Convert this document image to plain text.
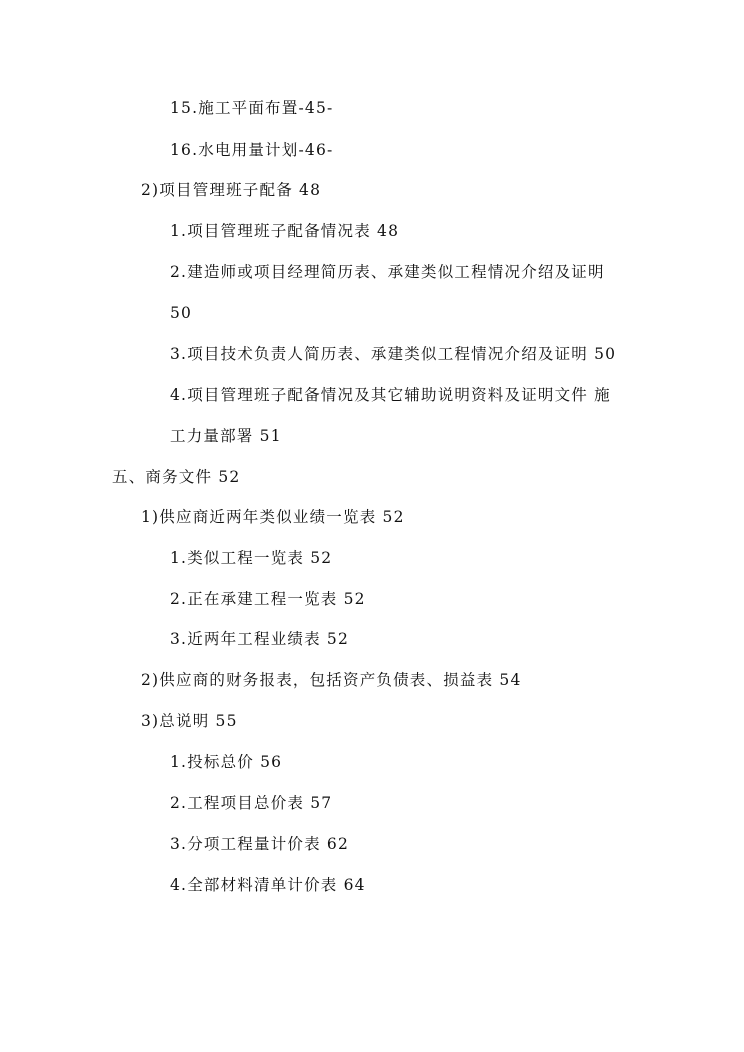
15.施工平面布置-45-
16.水电用量计划-46-
2)项目管理班子配备 48
1.项目管理班子配备情况表 48
2.建造师或项目经理简历表、承建类似工程情况介绍及证明
50
3.项目技术负责人简历表、承建类似工程情况介绍及证明 50
4.项目管理班子配备情况及其它辅助说明资料及证明文件 施
工力量部署 51
五、商务文件 52
1)供应商近两年类似业绩一览表 52
1.类似工程一览表 52
2.正在承建工程一览表 52
3.近两年工程业绩表 52
2)供应商的财务报表，包括资产负债表、损益表 54
3)总说明 55
1.投标总价 56
2.工程项目总价表 57
3.分项工程量计价表 62
4.全部材料清单计价表 64
